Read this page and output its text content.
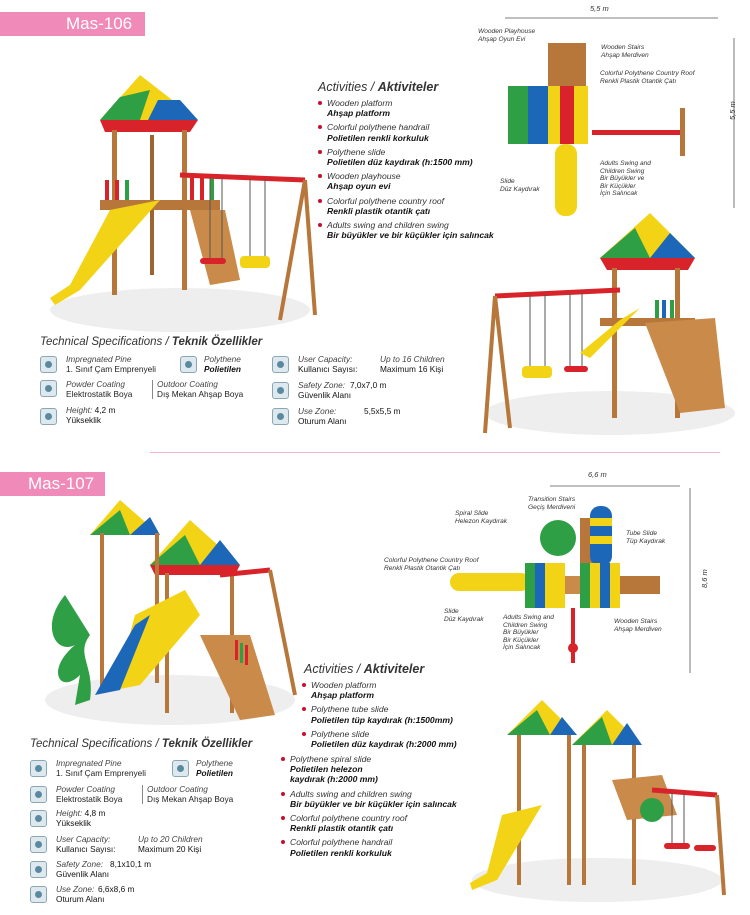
Mas-106
Activities / Aktiviteler
Wooden platform
Ahşap platform
Colorful polythene handrail
Polietilen renkli korkuluk
Polythene slide
Polietilen düz kaydırak (h:1500 mm)
Wooden playhouse
Ahşap oyun evi
Colorful polythene country roof
Renkli plastik otantik çatı
Adults swing and children swing
Bir büyükler ve bir küçükler için salıncak
5,5 m
5,5 m
Wooden Playhouse
Ahşap Oyun Evi
Wooden Stairs
Ahşap Merdiven
Colorful Polythene Country Roof
Renkli Plastik Otantik Çatı
Slide
Düz Kaydırak
Adults Swing and
Children Swing
Bir Büyükler ve
Bir Küçükler
İçin Salıncak
Technical Specifications / Teknik Özellikler
Impregnated Pine
1. Sınıf Çam Emprenyeli
Polythene
Polietilen
Powder Coating
Elektrostatik Boya
Outdoor Coating
Dış Mekan Ahşap Boya
Height: 4,2 m
Yükseklik
User Capacity:	Up to 16 Children
Kullanıcı Sayısı:	Maximum 16 Kişi
Safety Zone: 7,0x7,0 m
Güvenlik Alanı
Use Zone:	5,5x5,5 m
Oturum Alanı
Mas-107	6,6 m
8,6 m
Spiral Slide
Helezon Kaydırak
Transition Stairs
Geçiş Merdiveni
Tube Slide
Tüp Kaydırak
Colorful Polythene Country Roof
Renkli Plastik Otantik Çatı
Slide
Düz Kaydırak	Adults Swing and
Children Swing
Bir Büyükler
Bir Küçükler
İçin Salıncak
Wooden Stairs
Ahşap Merdiven
Activities / Aktiviteler
Wooden platform
Ahşap platform
Polythene tube slide
Polietilen tüp kaydırak (h:1500mm)
Polythene slide
Polietilen düz kaydırak (h:2000 mm)
Polythene spiral slide
Polietilen helezon
kaydırak (h:2000 mm)
Adults swing and children swing
Bir büyükler ve bir küçükler için salıncak
Colorful polythene country roof
Renkli plastik otantik çatı
Colorful polythene handrail
Polietilen renkli korkuluk
Technical Specifications / Teknik Özellikler
Impregnated Pine
1. Sınıf Çam Emprenyeli
Polythene
Polietilen
Powder Coating
Elektrostatik Boya
Outdoor Coating
Dış Mekan Ahşap Boya
Height: 4,8 m
Yükseklik
User Capacity:	Up to 20 Children
Kullanıcı Sayısı:	Maximum 20 Kişi
Safety Zone: 8,1x10,1 m
Güvenlik Alanı
Use Zone: 6,6x8,6 m
Oturum Alanı
